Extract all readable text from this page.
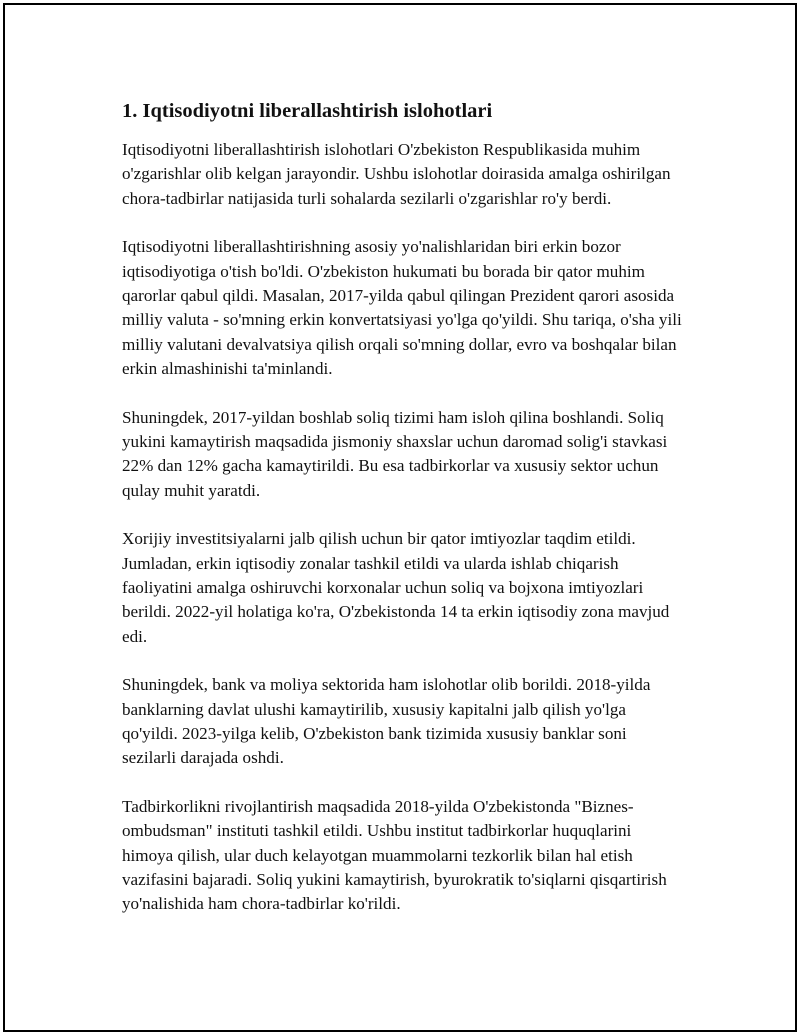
1. Iqtisodiyotni liberallashtirish islohotlari

Iqtisodiyotni liberallashtirish islohotlari O'zbekiston Respublikasida muhim o'zgarishlar olib kelgan jarayondir. Ushbu islohotlar doirasida amalga oshirilgan chora-tadbirlar natijasida turli sohalarda sezilarli o'zgarishlar ro'y berdi.

Iqtisodiyotni liberallashtirishning asosiy yo'nalishlaridan biri erkin bozor iqtisodiyotiga o'tish bo'ldi. O'zbekiston hukumati bu borada bir qator muhim qarorlar qabul qildi. Masalan, 2017-yilda qabul qilingan Prezident qarori asosida milliy valuta - so'mning erkin konvertatsiyasi yo'lga qo'yildi. Shu tariqa, o'sha yili milliy valutani devalvatsiya qilish orqali so'mning dollar, evro va boshqalar bilan erkin almashinishi ta'minlandi.

Shuningdek, 2017-yildan boshlab soliq tizimi ham isloh qilina boshlandi. Soliq yukini kamaytirish maqsadida jismoniy shaxslar uchun daromad solig'i stavkasi 22% dan 12% gacha kamaytirildi. Bu esa tadbirkorlar va xususiy sektor uchun qulay muhit yaratdi.

Xorijiy investitsiyalarni jalb qilish uchun bir qator imtiyozlar taqdim etildi. Jumladan, erkin iqtisodiy zonalar tashkil etildi va ularda ishlab chiqarish faoliyatini amalga oshiruvchi korxonalar uchun soliq va bojxona imtiyozlari berildi. 2022-yil holatiga ko'ra, O'zbekistonda 14 ta erkin iqtisodiy zona mavjud edi.

Shuningdek, bank va moliya sektorida ham islohotlar olib borildi. 2018-yilda banklarning davlat ulushi kamaytirilib, xususiy kapitalni jalb qilish yo'lga qo'yildi. 2023-yilga kelib, O'zbekiston bank tizimida xususiy banklar soni sezilarli darajada oshdi.

Tadbirkorlikni rivojlantirish maqsadida 2018-yilda O'zbekistonda "Biznes-ombudsman" instituti tashkil etildi. Ushbu institut tadbirkorlar huquqlarini himoya qilish, ular duch kelayotgan muammolarni tezkorlik bilan hal etish vazifasini bajaradi. Soliq yukini kamaytirish, byurokratik to'siqlarni qisqartirish yo'nalishida ham chora-tadbirlar ko'rildi.
